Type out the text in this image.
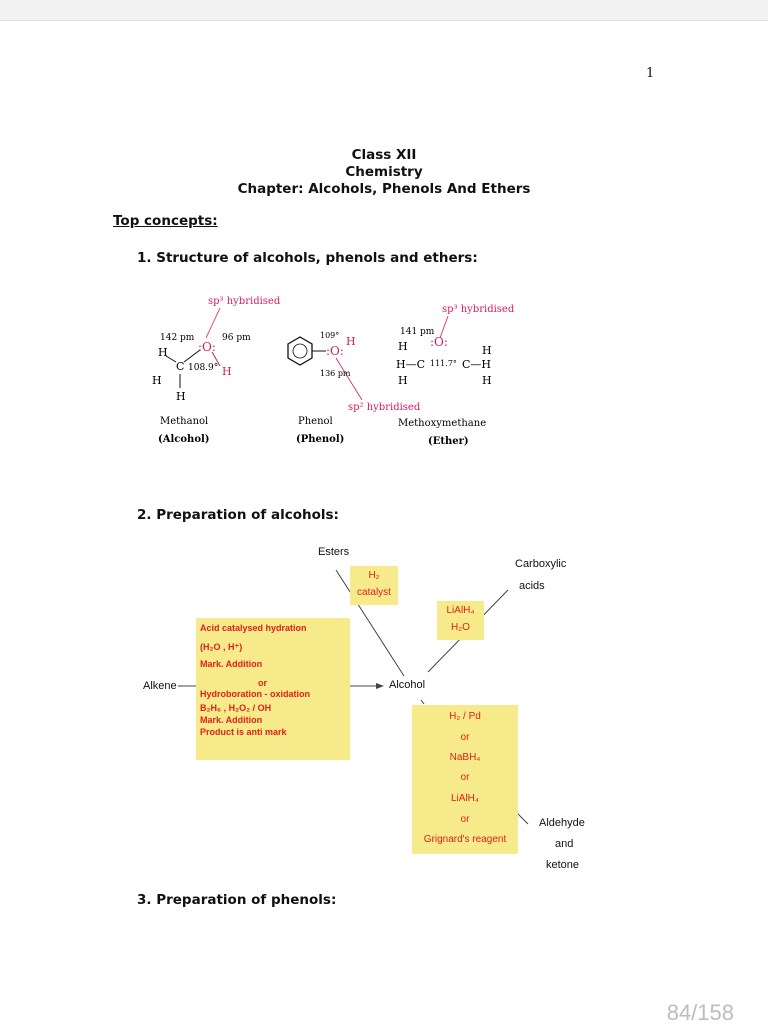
1
Class XII
Chemistry
Chapter: Alcohols, Phenols And Ethers
Top concepts:
1. Structure of alcohols, phenols and ethers:
sp³ hybridised
142 pm	96 pm
:O:
H
C 108.9° H
H
H
Methanol
(Alcohol)
109°
:O:
H
136 pm
sp² hybridised
Phenol
(Phenol)
sp³ hybridised
141 pm
:O:
H
H—C 111.7° C—H
H
H	H
Methoxymethane
(Ether)
2. Preparation of alcohols:
Esters
H₂
catalyst
Carboxylic
acids
LiAlH₄
H₂O
Alkene
Acid catalysed hydration
(H₂O , H⁺)
Mark. Addition
or
Hydroboration - oxidation
B₂H₆ , H₂O₂ / OH
Mark. Addition
Product is anti mark
Alcohol
H₂ / Pd
or
NaBH₄
or
LiAlH₄
or
Grignard's reagent
Aldehyde
and
ketone
3. Preparation of phenols:
84/158
